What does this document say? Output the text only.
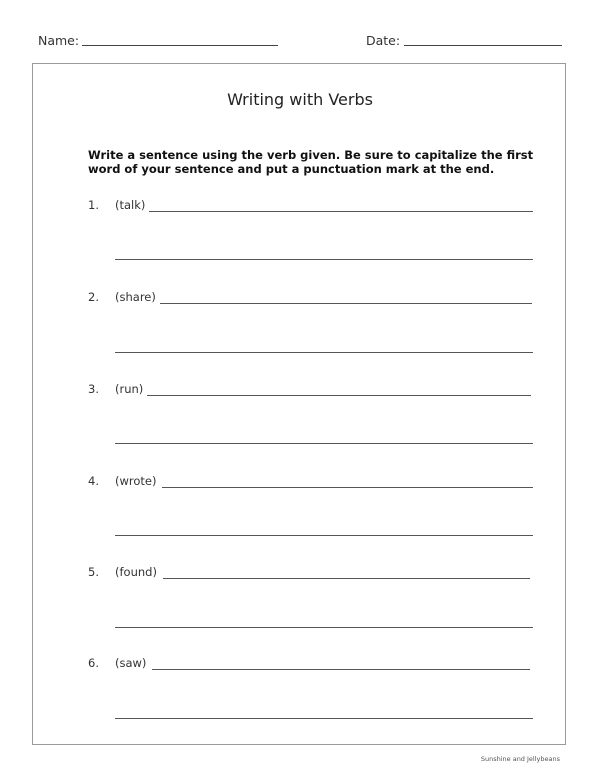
Name:	Date:
Writing with Verbs
Write a sentence using the verb given. Be sure to capitalize the first word of your sentence and put a punctuation mark at the end.
1. (talk)
2. (share)
3. (run)
4. (wrote)
5. (found)
6. (saw)
Sunshine and Jellybeans
